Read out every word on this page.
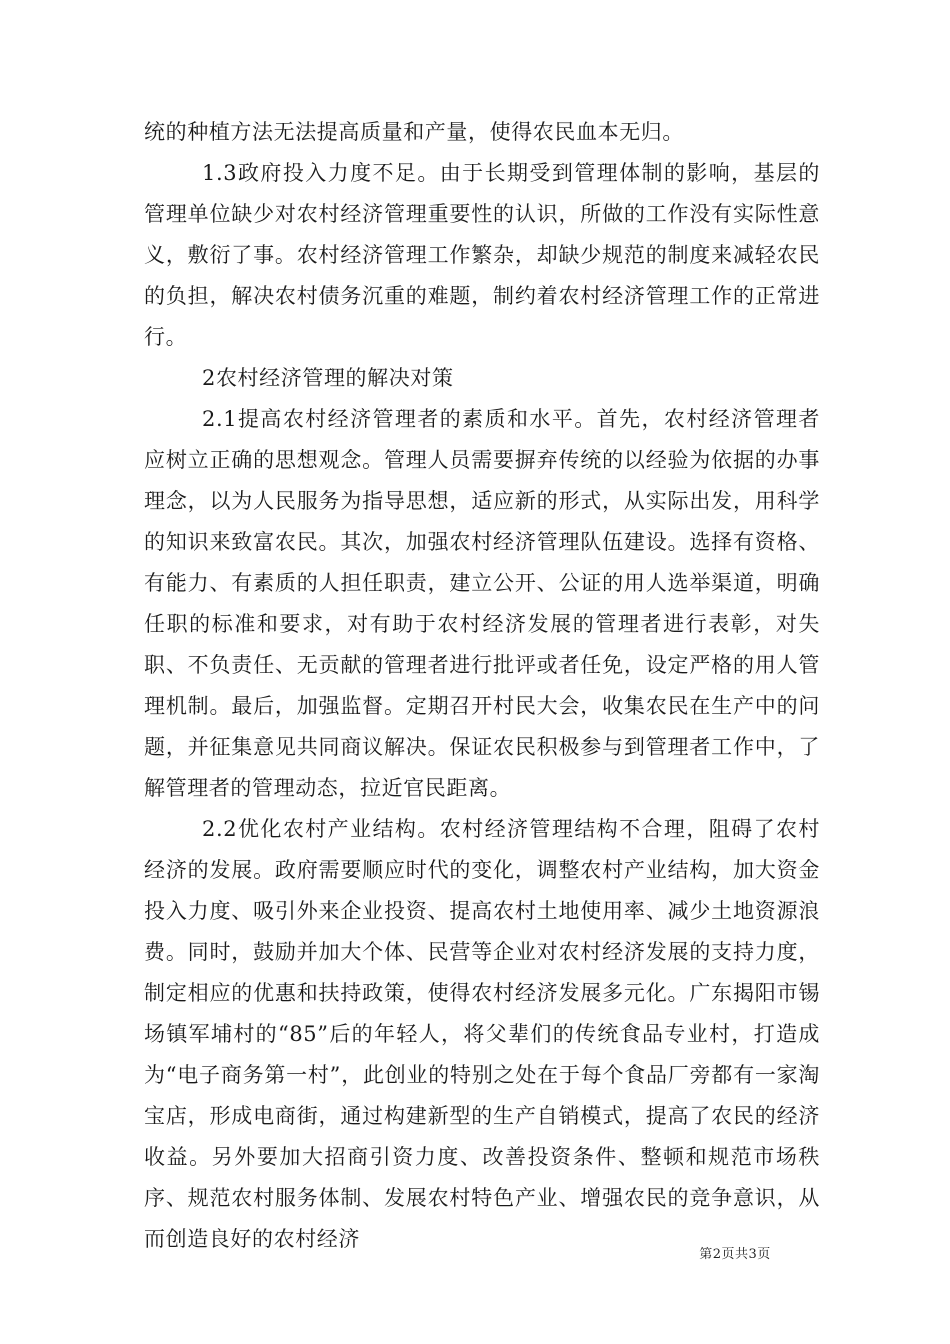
统的种植方法无法提高质量和产量，使得农民血本无归。

1.3政府投入力度不足。由于长期受到管理体制的影响，基层的管理单位缺少对农村经济管理重要性的认识，所做的工作没有实际性意义，敷衍了事。农村经济管理工作繁杂，却缺少规范的制度来减轻农民的负担，解决农村债务沉重的难题，制约着农村经济管理工作的正常进行。

2农村经济管理的解决对策

2.1提高农村经济管理者的素质和水平。首先，农村经济管理者应树立正确的思想观念。管理人员需要摒弃传统的以经验为依据的办事理念，以为人民服务为指导思想，适应新的形式，从实际出发，用科学的知识来致富农民。其次，加强农村经济管理队伍建设。选择有资格、有能力、有素质的人担任职责，建立公开、公证的用人选举渠道，明确任职的标准和要求，对有助于农村经济发展的管理者进行表彰，对失职、不负责任、无贡献的管理者进行批评或者任免，设定严格的用人管理机制。最后，加强监督。定期召开村民大会，收集农民在生产中的问题，并征集意见共同商议解决。保证农民积极参与到管理者工作中，了解管理者的管理动态，拉近官民距离。

2.2优化农村产业结构。农村经济管理结构不合理，阻碍了农村经济的发展。政府需要顺应时代的变化，调整农村产业结构，加大资金投入力度、吸引外来企业投资、提高农村土地使用率、减少土地资源浪费。同时，鼓励并加大个体、民营等企业对农村经济发展的支持力度，制定相应的优惠和扶持政策，使得农村经济发展多元化。广东揭阳市锡场镇军埔村的“85”后的年轻人，将父辈们的传统食品专业村，打造成为“电子商务第一村”，此创业的特别之处在于每个食品厂旁都有一家淘宝店，形成电商街，通过构建新型的生产自销模式，提高了农民的经济收益。另外要加大招商引资力度、改善投资条件、整顿和规范市场秩序、规范农村服务体制、发展农村特色产业、增强农民的竞争意识，从而创造良好的农村经济

第2页共3页
